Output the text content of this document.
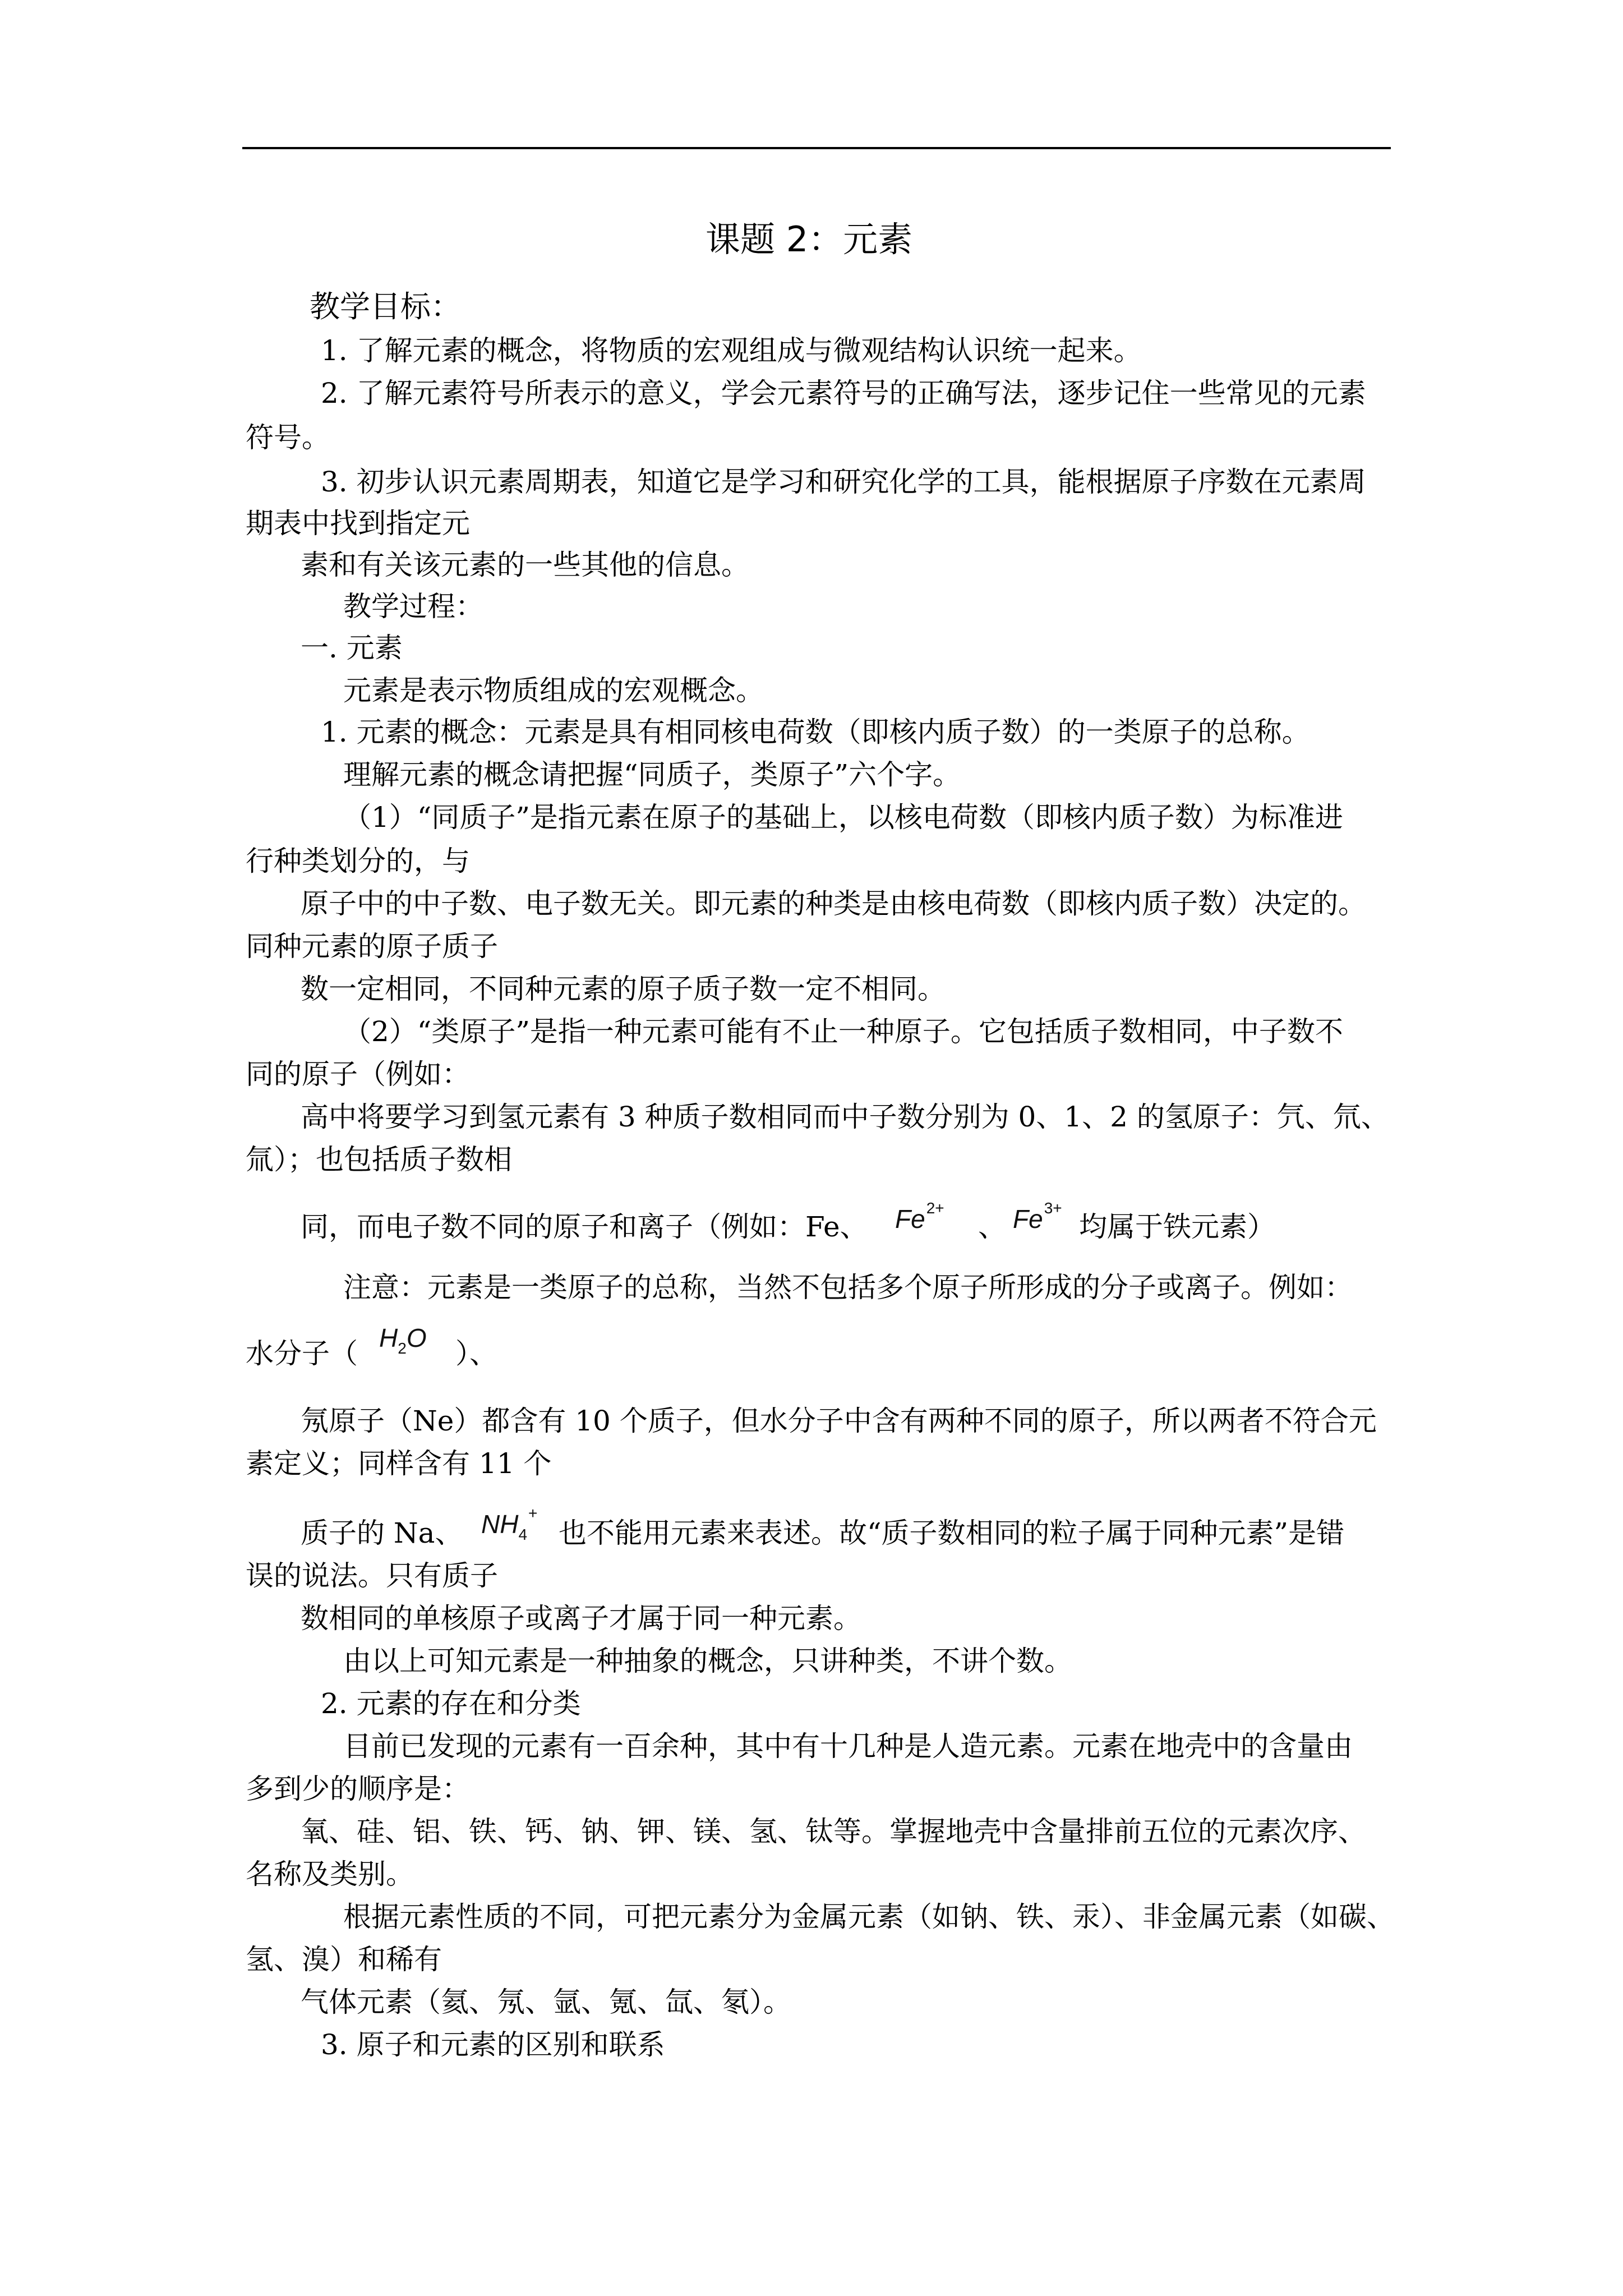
课题 2：元素
教学目标：
1. 了解元素的概念，将物质的宏观组成与微观结构认识统一起来。
2. 了解元素符号所表示的意义，学会元素符号的正确写法，逐步记住一些常见的元素
符号。
3. 初步认识元素周期表，知道它是学习和研究化学的工具，能根据原子序数在元素周
期表中找到指定元
素和有关该元素的一些其他的信息。
教学过程：
一. 元素
元素是表示物质组成的宏观概念。
1. 元素的概念：元素是具有相同核电荷数（即核内质子数）的一类原子的总称。
理解元素的概念请把握“同质子，类原子”六个字。
（1）“同质子”是指元素在原子的基础上，以核电荷数（即核内质子数）为标准进
行种类划分的，与
原子中的中子数、电子数无关。即元素的种类是由核电荷数（即核内质子数）决定的。
同种元素的原子质子
数一定相同，不同种元素的原子质子数一定不相同。
（2）“类原子”是指一种元素可能有不止一种原子。它包括质子数相同，中子数不
同的原子（例如：
高中将要学习到氢元素有 3 种质子数相同而中子数分别为 0、1、2 的氢原子：氕、氘、
氚）；也包括质子数相
同，而电子数不同的原子和离子（例如：Fe、 $Fe^{2+}$
、 $Fe^{3+}$
均属于铁元素）
注意：元素是一类原子的总称，当然不包括多个原子所形成的分子或离子。例如：
水分子（ $H_2O$ ）、
氖原子（Ne）都含有 10 个质子，但水分子中含有两种不同的原子，所以两者不符合元
素定义；同样含有 11 个
质子的 Na、 $NH_4^+$
也不能用元素来表述。故“质子数相同的粒子属于同种元素”是错
误的说法。只有质子
数相同的单核原子或离子才属于同一种元素。
由以上可知元素是一种抽象的概念，只讲种类，不讲个数。
2. 元素的存在和分类
目前已发现的元素有一百余种，其中有十几种是人造元素。元素在地壳中的含量由
多到少的顺序是：
氧、硅、铝、铁、钙、钠、钾、镁、氢、钛等。掌握地壳中含量排前五位的元素次序、
名称及类别。
根据元素性质的不同，可把元素分为金属元素（如钠、铁、汞）、非金属元素（如碳、
氢、溴）和稀有
气体元素（氦、氖、氩、氪、氙、氡）。
3. 原子和元素的区别和联系
